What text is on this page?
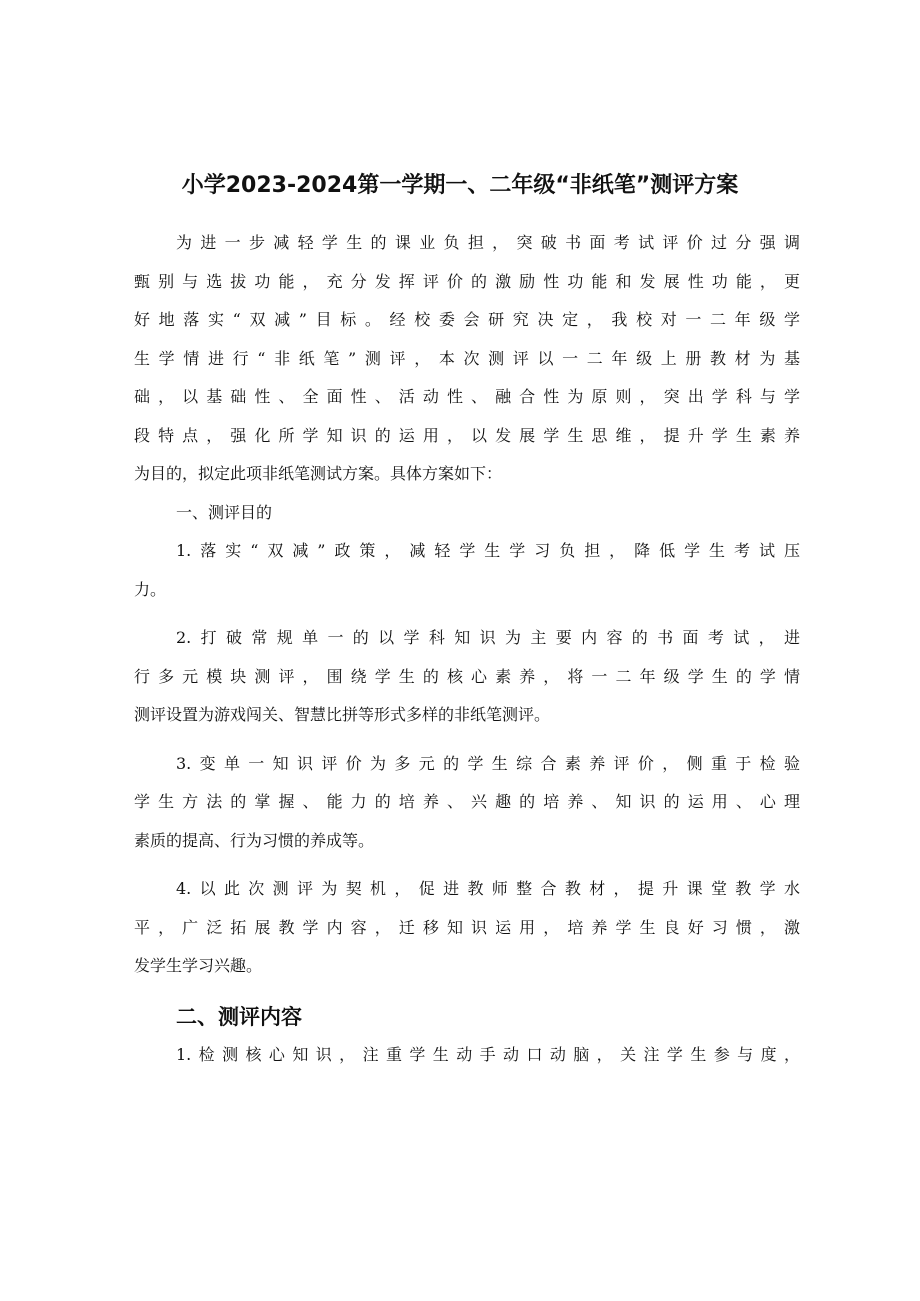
小学2023-2024第一学期一、二年级“非纸笔”测评方案
为进一步减轻学生的课业负担，突破书面考试评价过分强调
甄别与选拔功能，充分发挥评价的激励性功能和发展性功能，更
好地落实“双减”目标。经校委会研究决定，我校对一二年级学
生学情进行“非纸笔”测评，本次测评以一二年级上册教材为基
础，以基础性、全面性、活动性、融合性为原则，突出学科与学
段特点，强化所学知识的运用，以发展学生思维，提升学生素养
为目的，拟定此项非纸笔测试方案。具体方案如下：
一、测评目的
1.落实“双减”政策，减轻学生学习负担，降低学生考试压
力。
2.打破常规单一的以学科知识为主要内容的书面考试，进
行多元模块测评，围绕学生的核心素养，将一二年级学生的学情
测评设置为游戏闯关、智慧比拼等形式多样的非纸笔测评。
3.变单一知识评价为多元的学生综合素养评价，侧重于检验
学生方法的掌握、能力的培养、兴趣的培养、知识的运用、心理
素质的提高、行为习惯的养成等。
4.以此次测评为契机，促进教师整合教材，提升课堂教学水
平，广泛拓展教学内容，迁移知识运用，培养学生良好习惯，激
发学生学习兴趣。
二、测评内容
1.检测核心知识，注重学生动手动口动脑，关注学生参与度，
